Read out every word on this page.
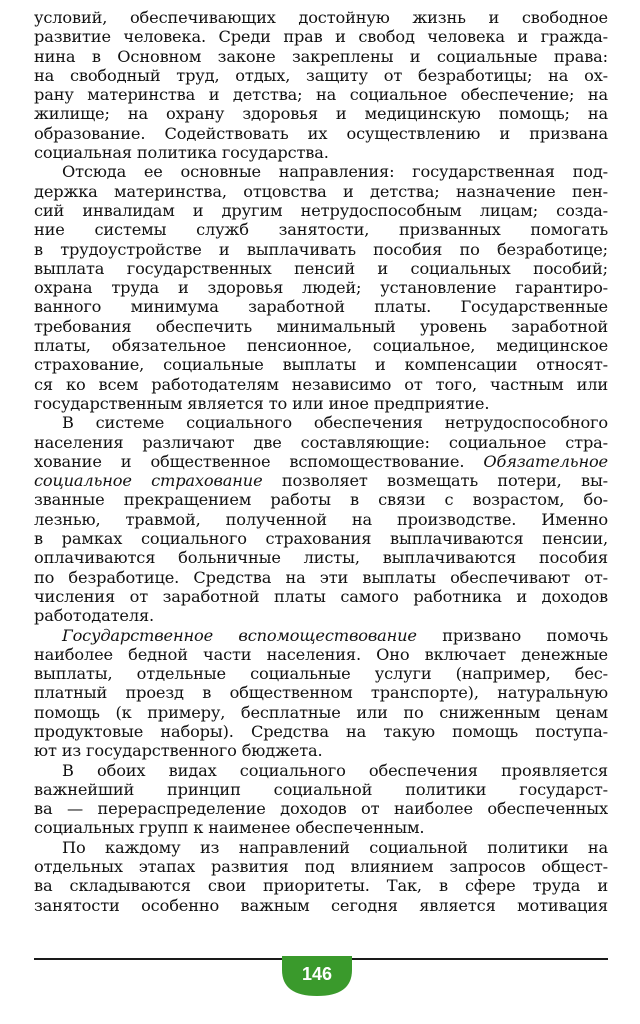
условий, обеспечивающих достойную жизнь и свободное
развитие человека. Среди прав и свобод человека и гражда-
нина в Основном законе закреплены и социальные права:
на свободный труд, отдых, защиту от безработицы; на ох-
рану материнства и детства; на социальное обеспечение; на
жилище; на охрану здоровья и медицинскую помощь; на
образование. Содействовать их осуществлению и призвана
социальная политика государства.
Отсюда ее основные направления: государственная под-
держка материнства, отцовства и детства; назначение пен-
сий инвалидам и другим нетрудоспособным лицам; созда-
ние системы служб занятости, призванных помогать
в трудоустройстве и выплачивать пособия по безработице;
выплата государственных пенсий и социальных пособий;
охрана труда и здоровья людей; установление гарантиро-
ванного минимума заработной платы. Государственные
требования обеспечить минимальный уровень заработной
платы, обязательное пенсионное, социальное, медицинское
страхование, социальные выплаты и компенсации относят-
ся ко всем работодателям независимо от того, частным или
государственным является то или иное предприятие.
В системе социального обеспечения нетрудоспособного
населения различают две составляющие: социальное стра-
хование и общественное вспомоществование. Обязательное
социальное страхование позволяет возмещать потери, вы-
званные прекращением работы в связи с возрастом, бо-
лезнью, травмой, полученной на производстве. Именно
в рамках социального страхования выплачиваются пенсии,
оплачиваются больничные листы, выплачиваются пособия
по безработице. Средства на эти выплаты обеспечивают от-
числения от заработной платы самого работника и доходов
работодателя.
Государственное вспомоществование призвано помочь
наиболее бедной части населения. Оно включает денежные
выплаты, отдельные социальные услуги (например, бес-
платный проезд в общественном транспорте), натуральную
помощь (к примеру, бесплатные или по сниженным ценам
продуктовые наборы). Средства на такую помощь поступа-
ют из государственного бюджета.
В обоих видах социального обеспечения проявляется
важнейший принцип социальной политики государст-
ва — перераспределение доходов от наиболее обеспеченных
социальных групп к наименее обеспеченным.
По каждому из направлений социальной политики на
отдельных этапах развития под влиянием запросов общест-
ва складываются свои приоритеты. Так, в сфере труда и
занятости особенно важным сегодня является мотивация
146
